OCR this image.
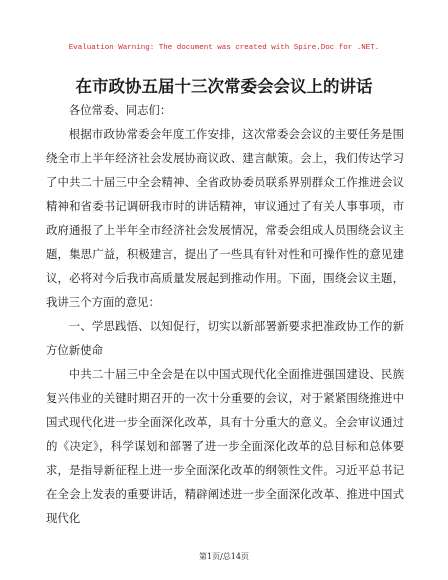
Evaluation Warning: The document was created with Spire.Doc for .NET.
在市政协五届十三次常委会会议上的讲话

各位常委、同志们：

根据市政协常委会年度工作安排，这次常委会会议的主要任务是围绕全市上半年经济社会发展协商议政、建言献策。会上，我们传达学习了中共二十届三中全会精神、全省政协委员联系界别群众工作推进会议精神和省委书记调研我市时的讲话精神，审议通过了有关人事事项，市政府通报了上半年全市经济社会发展情况，常委会组成人员围绕会议主题，集思广益，积极建言，提出了一些具有针对性和可操作性的意见建议，必将对今后我市高质量发展起到推动作用。下面，围绕会议主题，我讲三个方面的意见：

一、学思践悟、以知促行，切实以新部署新要求把准政协工作的新方位新使命

中共二十届三中全会是在以中国式现代化全面推进强国建设、民族复兴伟业的关键时期召开的一次十分重要的会议，对于紧紧围绕推进中国式现代化进一步全面深化改革，具有十分重大的意义。全会审议通过的《决定》，科学谋划和部署了进一步全面深化改革的总目标和总体要求，是指导新征程上进一步全面深化改革的纲领性文件。习近平总书记在全会上发表的重要讲话，精辟阐述进一步全面深化改革、推进中国式现代化

第1页/总14页
